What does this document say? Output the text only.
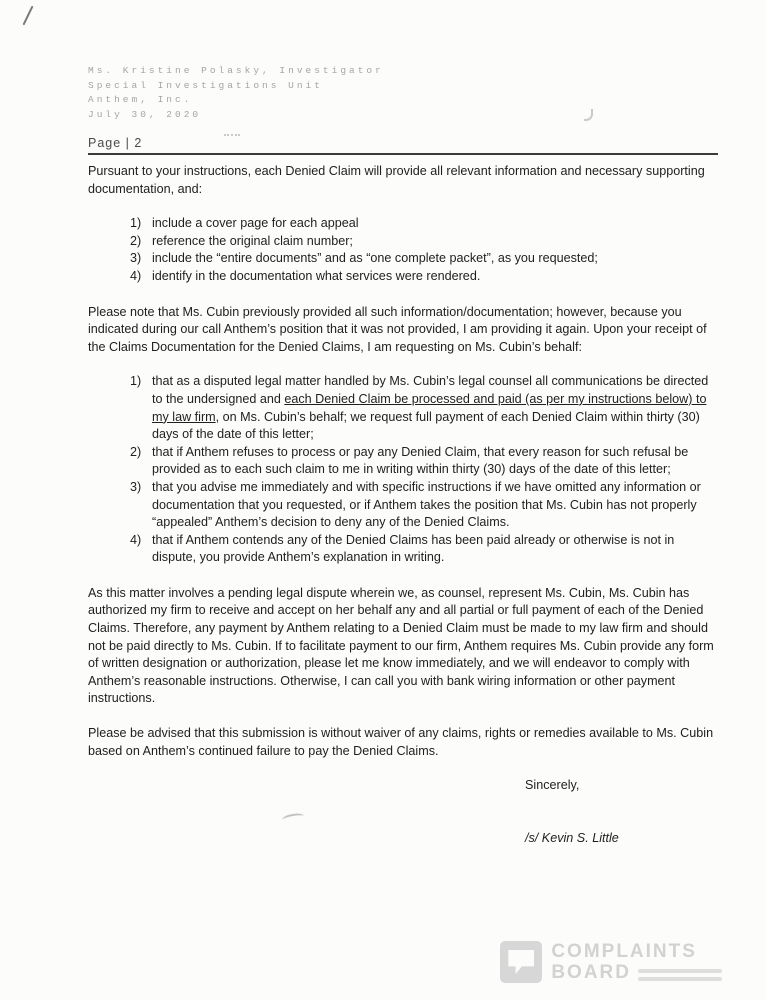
Ms. Kristine Polasky, Investigator
Special Investigations Unit
Anthem, Inc.
July 30, 2020
Page | 2

Pursuant to your instructions, each Denied Claim will provide all relevant information and necessary supporting documentation, and:

1) include a cover page for each appeal
2) reference the original claim number;
3) include the “entire documents” and as “one complete packet”, as you requested;
4) identify in the documentation what services were rendered.

Please note that Ms. Cubin previously provided all such information/documentation; however, because you indicated during our call Anthem’s position that it was not provided, I am providing it again. Upon your receipt of the Claims Documentation for the Denied Claims, I am requesting on Ms. Cubin’s behalf:

1) that as a disputed legal matter handled by Ms. Cubin’s legal counsel all communications be directed to the undersigned and each Denied Claim be processed and paid (as per my instructions below) to my law firm, on Ms. Cubin’s behalf; we request full payment of each Denied Claim within thirty (30) days of the date of this letter;
2) that if Anthem refuses to process or pay any Denied Claim, that every reason for such refusal be provided as to each such claim to me in writing within thirty (30) days of the date of this letter;
3) that you advise me immediately and with specific instructions if we have omitted any information or documentation that you requested, or if Anthem takes the position that Ms. Cubin has not properly “appealed” Anthem’s decision to deny any of the Denied Claims.
4) that if Anthem contends any of the Denied Claims has been paid already or otherwise is not in dispute, you provide Anthem’s explanation in writing.

As this matter involves a pending legal dispute wherein we, as counsel, represent Ms. Cubin, Ms. Cubin has authorized my firm to receive and accept on her behalf any and all partial or full payment of each of the Denied Claims. Therefore, any payment by Anthem relating to a Denied Claim must be made to my law firm and should not be paid directly to Ms. Cubin. If to facilitate payment to our firm, Anthem requires Ms. Cubin provide any form of written designation or authorization, please let me know immediately, and we will endeavor to comply with Anthem’s reasonable instructions. Otherwise, I can call you with bank wiring information or other payment instructions.

Please be advised that this submission is without waiver of any claims, rights or remedies available to Ms. Cubin based on Anthem’s continued failure to pay the Denied Claims.

Sincerely,
/s/ Kevin S. Little
COMPLAINTS
BOARD
